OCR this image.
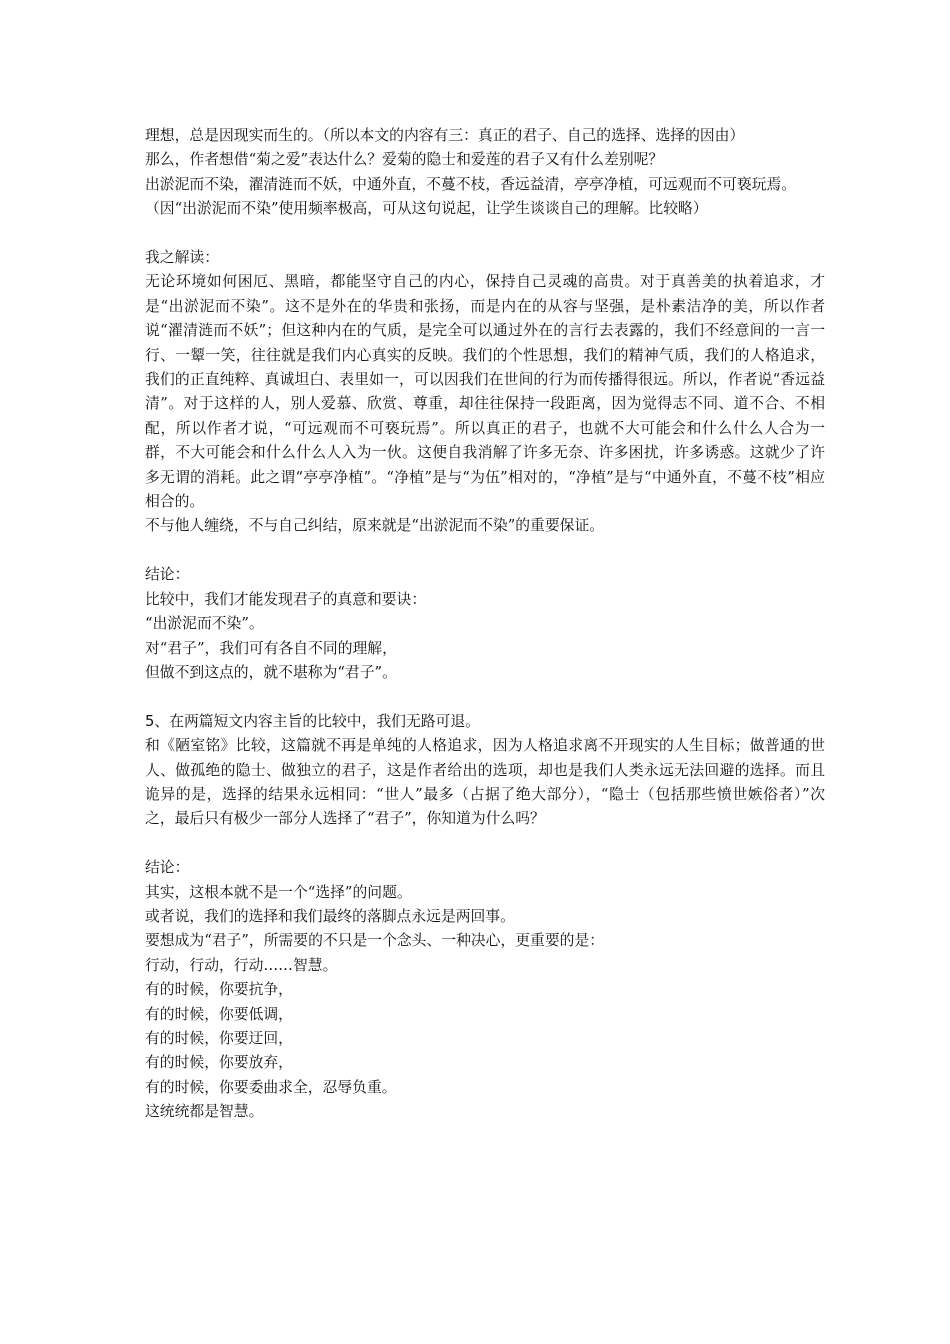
理想，总是因现实而生的。（所以本文的内容有三：真正的君子、自己的选择、选择的因由）

那么，作者想借“菊之爱”表达什么？爱菊的隐士和爱莲的君子又有什么差别呢？

出淤泥而不染，濯清涟而不妖，中通外直，不蔓不枝，香远益清，亭亭净植，可远观而不可亵玩焉。

（因“出淤泥而不染”使用频率极高，可从这句说起，让学生谈谈自己的理解。比较略）

我之解读：

无论环境如何困厄、黑暗，都能坚守自己的内心，保持自己灵魂的高贵。对于真善美的执着追求，才是“出淤泥而不染”。这不是外在的华贵和张扬，而是内在的从容与坚强，是朴素洁净的美，所以作者说“濯清涟而不妖”；但这种内在的气质，是完全可以通过外在的言行去表露的，我们不经意间的一言一行、一颦一笑，往往就是我们内心真实的反映。我们的个性思想，我们的精神气质，我们的人格追求，我们的正直纯粹、真诚坦白、表里如一，可以因我们在世间的行为而传播得很远。所以，作者说“香远益清”。对于这样的人，别人爱慕、欣赏、尊重，却往往保持一段距离，因为觉得志不同、道不合、不相配，所以作者才说，“可远观而不可亵玩焉”。所以真正的君子，也就不大可能会和什么什么人合为一群，不大可能会和什么什么人入为一伙。这便自我消解了许多无奈、许多困扰，许多诱惑。这就少了许多无谓的消耗。此之谓“亭亭净植”。“净植”是与“为伍”相对的，“净植”是与“中通外直，不蔓不枝”相应相合的。

不与他人缠绕，不与自己纠结，原来就是“出淤泥而不染”的重要保证。

结论：

比较中，我们才能发现君子的真意和要诀：

“出淤泥而不染”。

对“君子”，我们可有各自不同的理解，

但做不到这点的，就不堪称为“君子”。

5、在两篇短文内容主旨的比较中，我们无路可退。

和《陋室铭》比较，这篇就不再是单纯的人格追求，因为人格追求离不开现实的人生目标；做普通的世人、做孤绝的隐士、做独立的君子，这是作者给出的选项，却也是我们人类永远无法回避的选择。而且诡异的是，选择的结果永远相同：“世人”最多（占据了绝大部分），“隐士（包括那些愤世嫉俗者）”次之，最后只有极少一部分人选择了“君子”，你知道为什么吗？

结论：

其实，这根本就不是一个“选择”的问题。

或者说，我们的选择和我们最终的落脚点永远是两回事。

要想成为“君子”，所需要的不只是一个念头、一种决心，更重要的是：

行动，行动，行动……智慧。

有的时候，你要抗争，

有的时候，你要低调，

有的时候，你要迂回，

有的时候，你要放弃，

有的时候，你要委曲求全，忍辱负重。

这统统都是智慧。
